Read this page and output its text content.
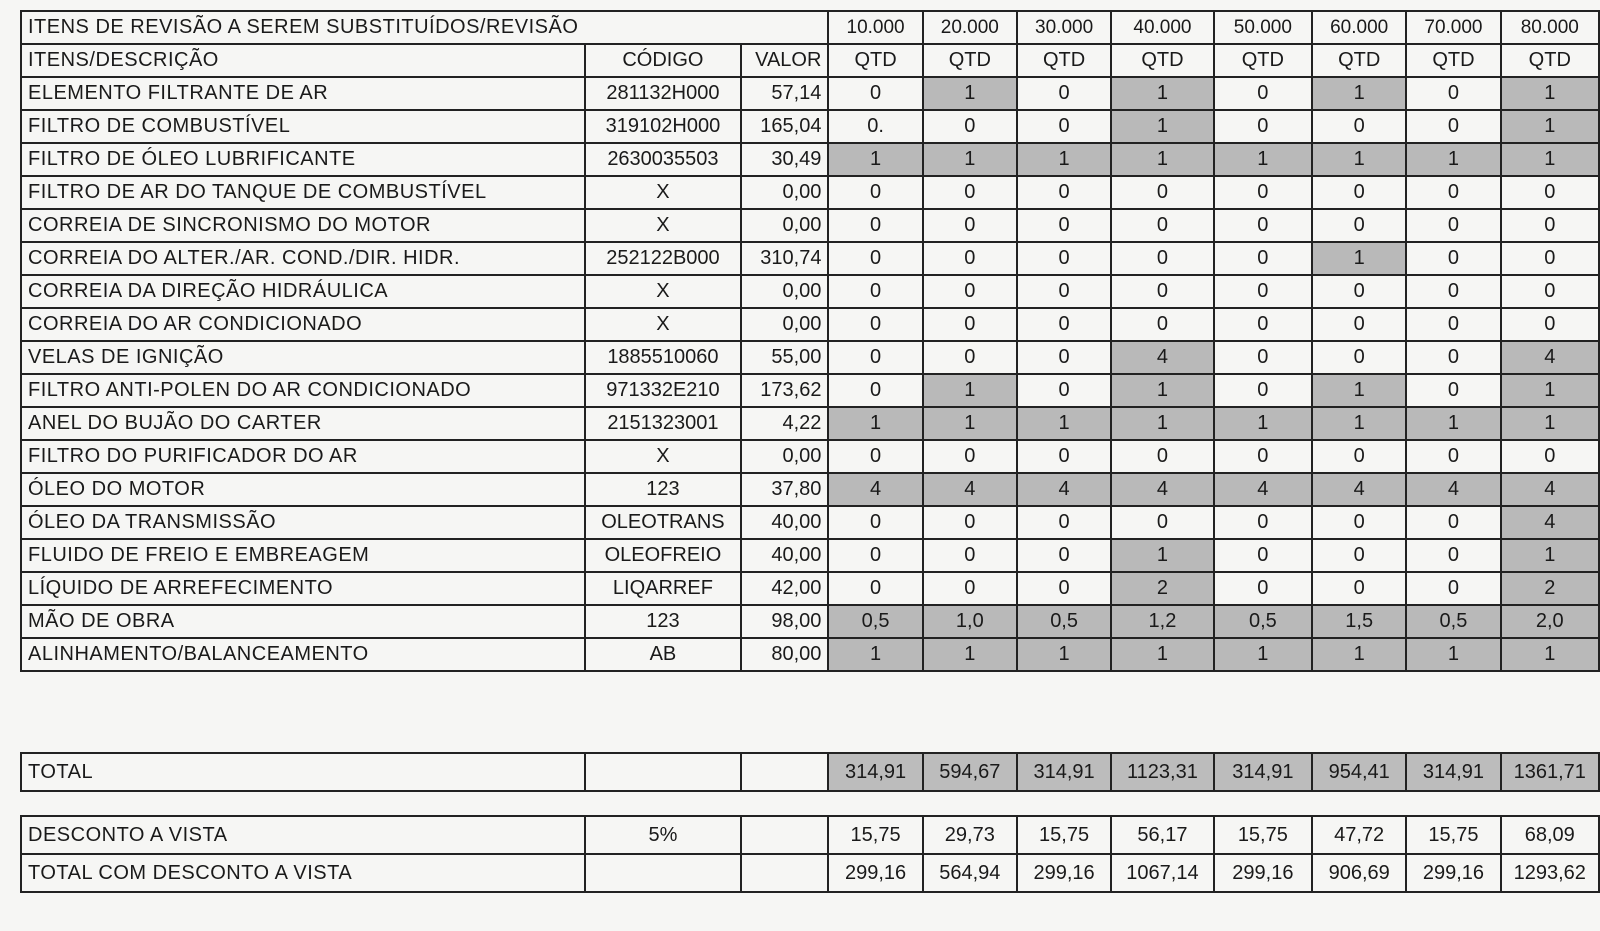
ITENS DE REVISÃO A SEREM SUBSTITUÍDOS/REVISÃO			10.000	20.000	30.000	40.000	50.000	60.000	70.000	80.000
ITENS/DESCRIÇÃO	CÓDIGO	VALOR	QTD	QTD	QTD	QTD	QTD	QTD	QTD	QTD
ELEMENTO FILTRANTE DE AR	281132H000	57,14	0	1	0	1	0	1	0	1
FILTRO DE COMBUSTÍVEL	319102H000	165,04	0.	0	0	1	0	0	0	1
FILTRO DE ÓLEO LUBRIFICANTE	2630035503	30,49	1	1	1	1	1	1	1	1
FILTRO DE AR DO TANQUE DE COMBUSTÍVEL	X	0,00	0	0	0	0	0	0	0	0
CORREIA DE SINCRONISMO DO MOTOR	X	0,00	0	0	0	0	0	0	0	0
CORREIA DO ALTER./AR. COND./DIR. HIDR.	252122B000	310,74	0	0	0	0	0	1	0	0
CORREIA DA DIREÇÃO HIDRÁULICA	X	0,00	0	0	0	0	0	0	0	0
CORREIA DO AR CONDICIONADO	X	0,00	0	0	0	0	0	0	0	0
VELAS DE IGNIÇÃO	1885510060	55,00	0	0	0	4	0	0	0	4
FILTRO ANTI-POLEN DO AR CONDICIONADO	971332E210	173,62	0	1	0	1	0	1	0	1
ANEL DO BUJÃO DO CARTER	2151323001	4,22	1	1	1	1	1	1	1	1
FILTRO DO PURIFICADOR DO AR	X	0,00	0	0	0	0	0	0	0	0
ÓLEO DO MOTOR	123	37,80	4	4	4	4	4	4	4	4
ÓLEO DA TRANSMISSÃO	OLEOTRANS	40,00	0	0	0	0	0	0	0	4
FLUIDO DE FREIO E EMBREAGEM	OLEOFREIO	40,00	0	0	0	1	0	0	0	1
LÍQUIDO DE ARREFECIMENTO	LIQARREF	42,00	0	0	0	2	0	0	0	2
MÃO DE OBRA	123	98,00	0,5	1,0	0,5	1,2	0,5	1,5	0,5	2,0
ALINHAMENTO/BALANCEAMENTO	AB	80,00	1	1	1	1	1	1	1	1
TOTAL			314,91	594,67	314,91	1123,31	314,91	954,41	314,91	1361,71
DESCONTO A VISTA	5%		15,75	29,73	15,75	56,17	15,75	47,72	15,75	68,09
TOTAL COM DESCONTO A VISTA			299,16	564,94	299,16	1067,14	299,16	906,69	299,16	1293,62
